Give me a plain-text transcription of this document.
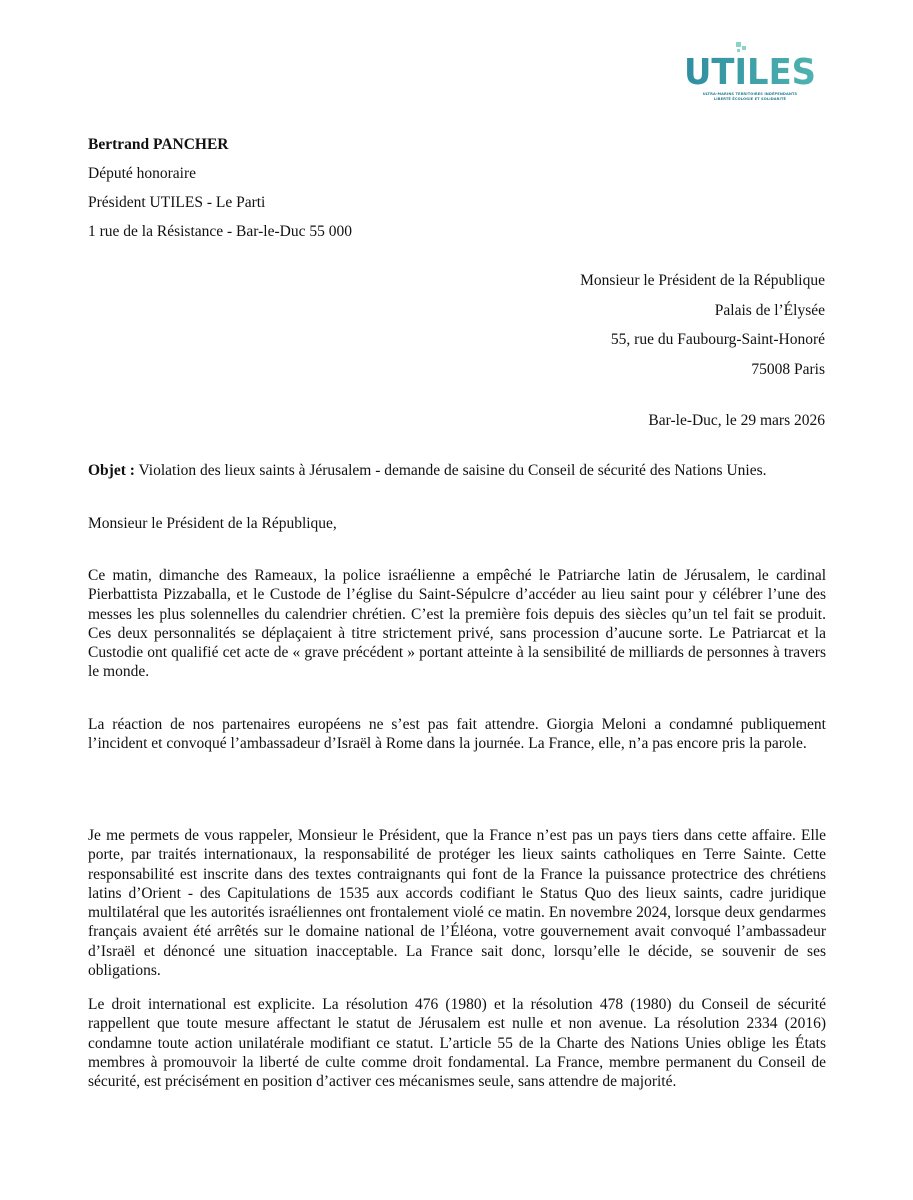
UTILES
ULTRA-MARINS TERRITOIRES INDÉPENDANTS
LIBERTÉ ÉCOLOGIE ET SOLIDARITÉ
Bertrand PANCHER
Député honoraire
Président UTILES - Le Parti
1 rue de la Résistance - Bar-le-Duc 55 000
Monsieur le Président de la République
Palais de l’Élysée
55, rue du Faubourg-Saint-Honoré
75008 Paris
Bar-le-Duc, le 29 mars 2026
Objet : Violation des lieux saints à Jérusalem - demande de saisine du Conseil de sécurité des Nations Unies.
Monsieur le Président de la République,
Ce matin, dimanche des Rameaux, la police israélienne a empêché le Patriarche latin de Jérusalem, le cardinal Pierbattista Pizzaballa, et le Custode de l’église du Saint-Sépulcre d’accéder au lieu saint pour y célébrer l’une des messes les plus solennelles du calendrier chrétien. C’est la première fois depuis des siècles qu’un tel fait se produit. Ces deux personnalités se déplaçaient à titre strictement privé, sans procession d’aucune sorte. Le Patriarcat et la Custodie ont qualifié cet acte de « grave précédent » portant atteinte à la sensibilité de milliards de personnes à travers le monde.
La réaction de nos partenaires européens ne s’est pas fait attendre. Giorgia Meloni a condamné publiquement l’incident et convoqué l’ambassadeur d’Israël à Rome dans la journée. La France, elle, n’a pas encore pris la parole.
Je me permets de vous rappeler, Monsieur le Président, que la France n’est pas un pays tiers dans cette affaire. Elle porte, par traités internationaux, la responsabilité de protéger les lieux saints catholiques en Terre Sainte. Cette responsabilité est inscrite dans des textes contraignants qui font de la France la puissance protectrice des chrétiens latins d’Orient - des Capitulations de 1535 aux accords codifiant le Status Quo des lieux saints, cadre juridique multilatéral que les autorités israéliennes ont frontalement violé ce matin. En novembre 2024, lorsque deux gendarmes français avaient été arrêtés sur le domaine national de l’Éléona, votre gouvernement avait convoqué l’ambassadeur d’Israël et dénoncé une situation inacceptable. La France sait donc, lorsqu’elle le décide, se souvenir de ses obligations.
Le droit international est explicite. La résolution 476 (1980) et la résolution 478 (1980) du Conseil de sécurité rappellent que toute mesure affectant le statut de Jérusalem est nulle et non avenue. La résolution 2334 (2016) condamne toute action unilatérale modifiant ce statut. L’article 55 de la Charte des Nations Unies oblige les États membres à promouvoir la liberté de culte comme droit fondamental. La France, membre permanent du Conseil de sécurité, est précisément en position d’activer ces mécanismes seule, sans attendre de majorité.
